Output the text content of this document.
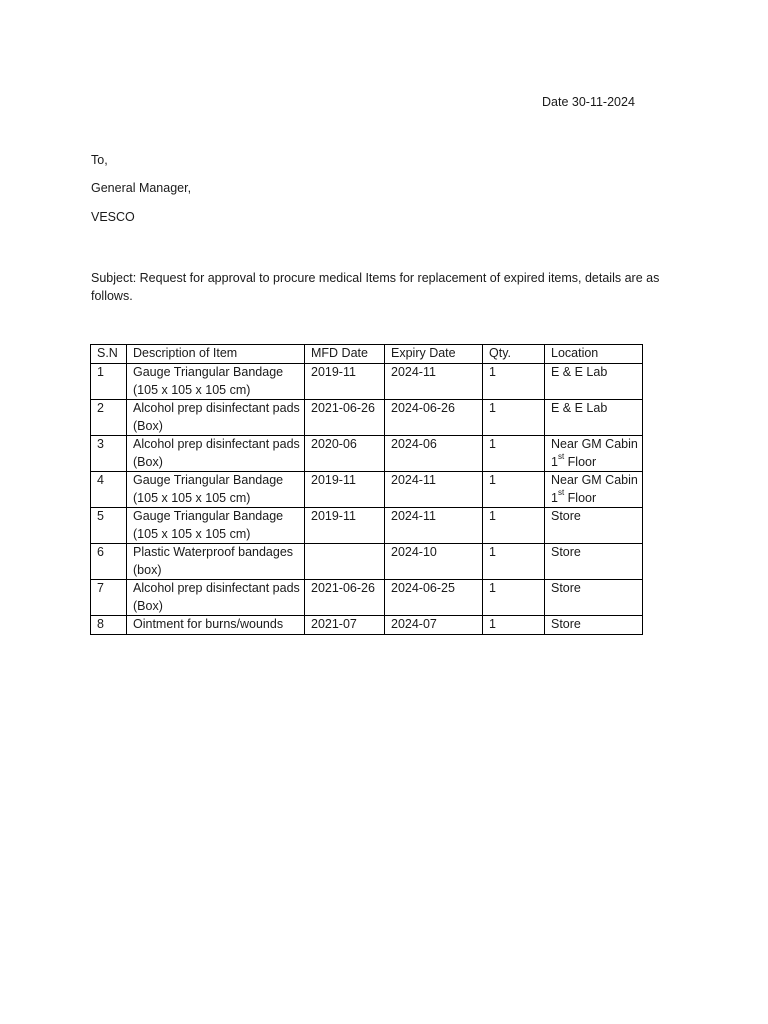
Date 30-11-2024
To,
General Manager,
VESCO
Subject: Request for approval to procure medical Items for replacement of expired items, details are as follows.
S.N	Description of Item	MFD Date	Expiry Date	Qty.	Location
1	Gauge Triangular Bandage (105 x 105 x 105 cm)	2019-11	2024-11	1	E & E Lab
2	Alcohol prep disinfectant pads (Box)	2021-06-26	2024-06-26	1	E & E Lab
3	Alcohol prep disinfectant pads (Box)	2020-06	2024-06	1	Near GM Cabin 1st Floor
4	Gauge Triangular Bandage (105 x 105 x 105 cm)	2019-11	2024-11	1	Near GM Cabin 1st Floor
5	Gauge Triangular Bandage (105 x 105 x 105 cm)	2019-11	2024-11	1	Store
6	Plastic Waterproof bandages (box)		2024-10	1	Store
7	Alcohol prep disinfectant pads (Box)	2021-06-26	2024-06-25	1	Store
8	Ointment for burns/wounds	2021-07	2024-07	1	Store
